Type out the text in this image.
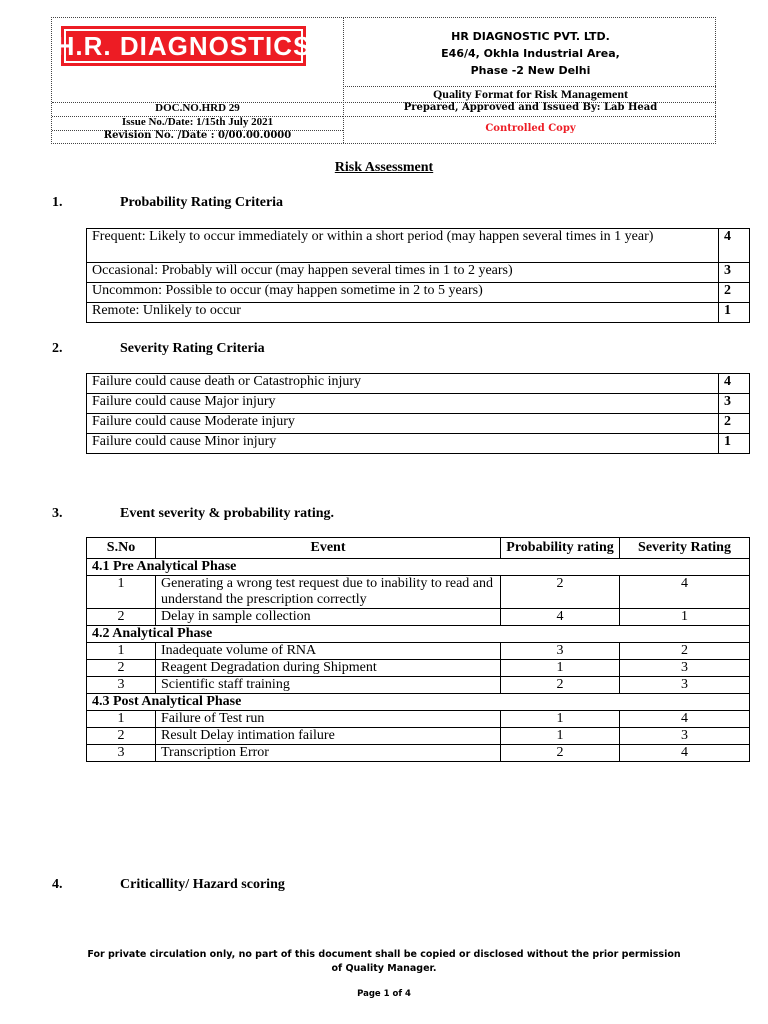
H.R. DIAGNOSTICS	HR DIAGNOSTIC PVT. LTD.
E46/4, Okhla Industrial Area,
Phase -2 New Delhi
Quality Format for Risk Management
DOC.NO.HRD 29	Prepared, Approved and Issued By: Lab Head
Issue No./Date: 1/15th July 2021
Controlled Copy
Revision No. /Date : 0/00.00.0000
Risk Assessment
1.	Probability Rating Criteria
Frequent: Likely to occur immediately or within a short period (may happen several times in 1 year)	4
Occasional: Probably will occur (may happen several times in 1 to 2 years)	3
Uncommon: Possible to occur (may happen sometime in 2 to 5 years)	2
Remote: Unlikely to occur	1
2.	Severity Rating Criteria
Failure could cause death or Catastrophic injury	4
Failure could cause Major injury	3
Failure could cause Moderate injury	2
Failure could cause Minor injury	1
3.	Event severity & probability rating.
S.No	Event	Probability rating	Severity Rating
4.1 Pre Analytical Phase			
1	Generating a wrong test request due to inability to read and understand the prescription correctly	2	4
2	Delay in sample collection	4	1
4.2 Analytical Phase			
1	Inadequate volume of RNA	3	2
2	Reagent Degradation during Shipment	1	3
3	Scientific staff training	2	3
4.3 Post Analytical Phase			
1	Failure of Test run	1	4
2	Result Delay intimation failure	1	3
3	Transcription Error	2	4
4.	Criticallity/ Hazard scoring
For private circulation only, no part of this document shall be copied or disclosed without the prior permission
of Quality Manager.
Page 1 of 4
